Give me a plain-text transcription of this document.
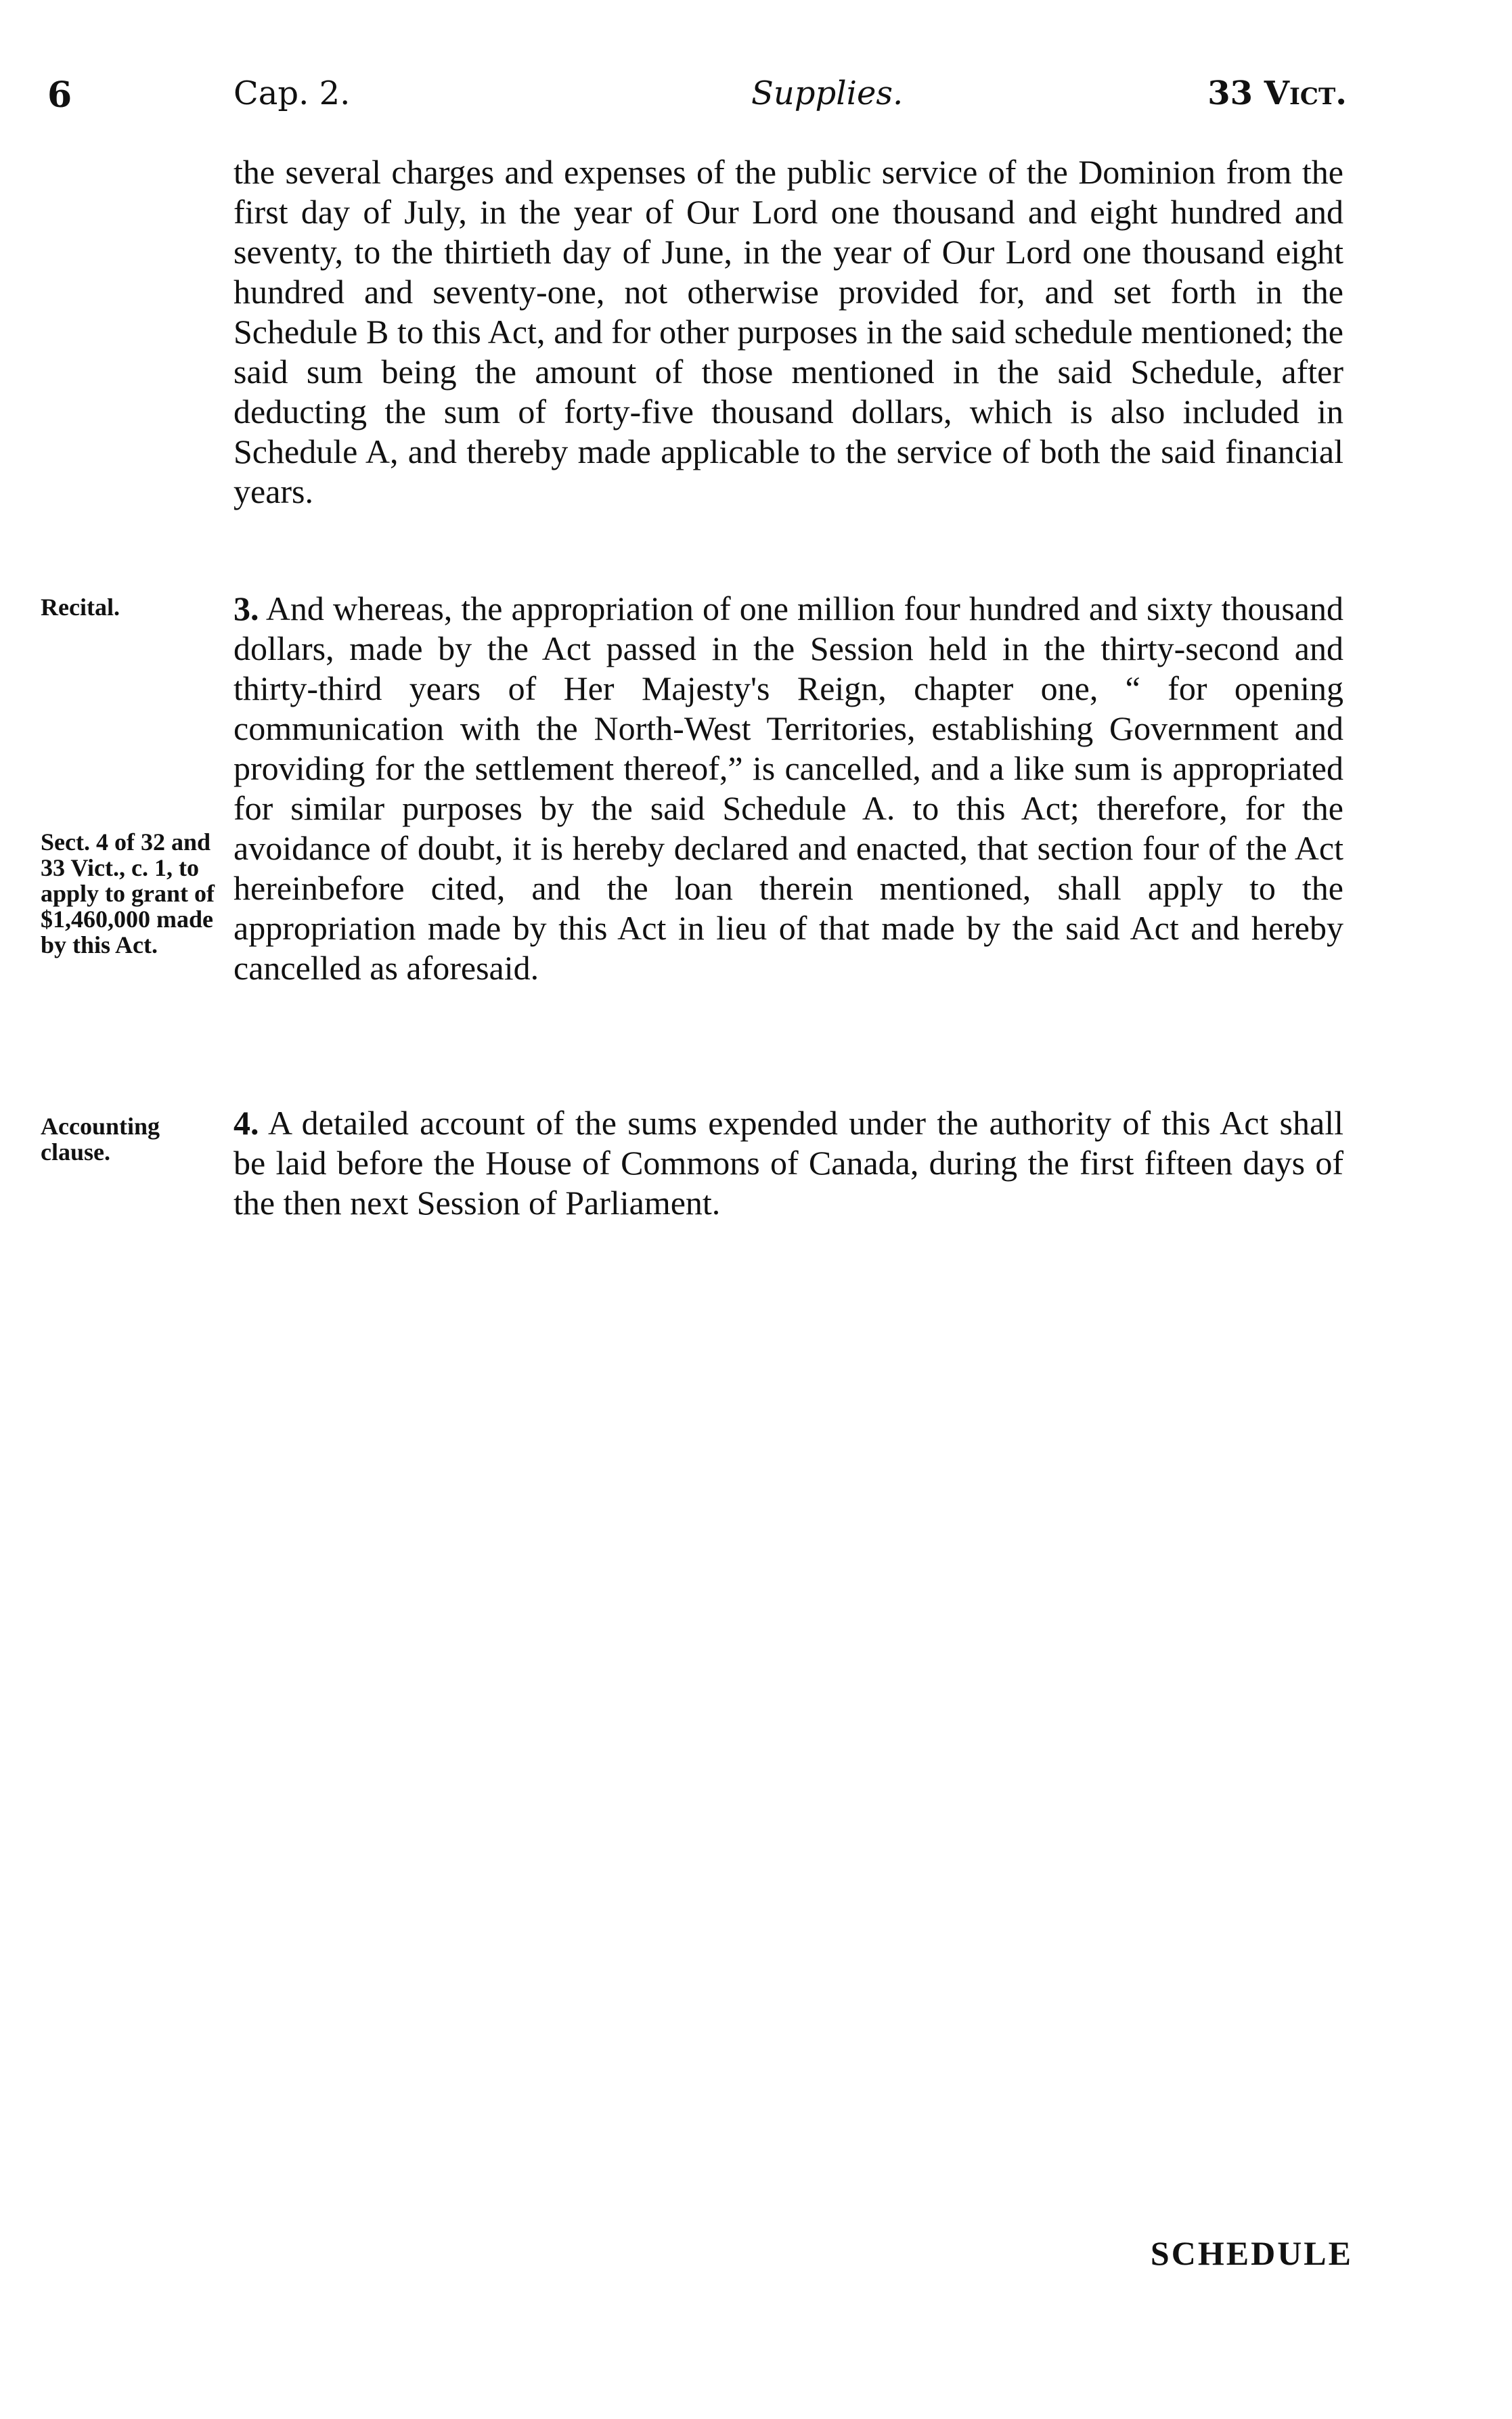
6	Cap. 2.	Supplies.	33 Vict.
the several charges and expenses of the public service of the Dominion from the first day of July, in the year of Our Lord one thousand and eight hundred and seventy, to the thirtieth day of June, in the year of Our Lord one thousand eight hundred and seventy-one, not otherwise provided for, and set forth in the Schedule B to this Act, and for other purposes in the said schedule mentioned; the said sum being the amount of those mentioned in the said Schedule, after deducting the sum of forty-five thousand dollars, which is also included in Schedule A, and thereby made applicable to the service of both the said financial years.
Recital.	3. And whereas, the appropriation of one million four hundred and sixty thousand dollars, made by the Act passed in the Session held in the thirty-second and thirty-third years of Her Majesty's Reign, chapter one, “ for opening communication with the North-West Territories, establishing Government and providing for the settlement thereof,” is cancelled, and a like sum is appropriated for similar purposes by the said Schedule A. to this Act; therefore, for the avoidance of doubt, it is hereby declared and enacted, that section four of the Act hereinbefore cited, and the loan therein mentioned, shall apply to the appropriation made by this Act in lieu of that made by the said Act and hereby cancelled as aforesaid.
Sect. 4 of 32 and 33 Vict., c. 1, to apply to grant of $1,460,000 made by this Act.
Accounting clause.
4. A detailed account of the sums expended under the authority of this Act shall be laid before the House of Commons of Canada, during the first fifteen days of the then next Session of Parliament.
SCHEDULE
